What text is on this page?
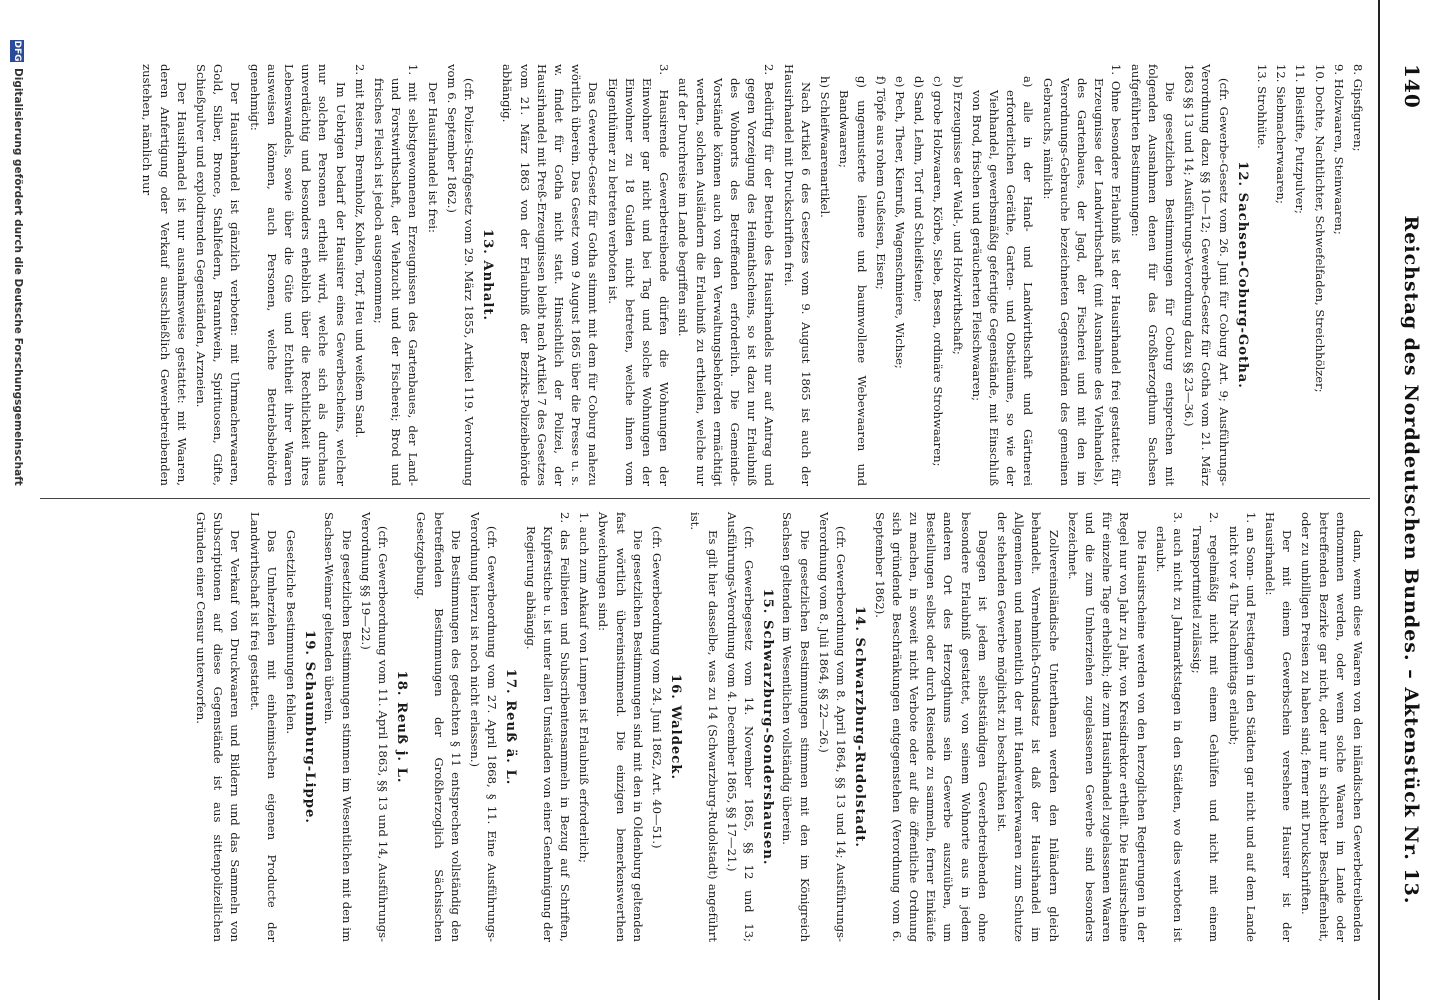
140
Reichstag des Norddeutschen Bundes. – Aktenstück Nr. 13.

8. Gipsfiguren;

9. Holzwaaren, Steinwaaren;

10. Dochte, Nachtlichter, Schwefelfaden, Streichhölzer;

11. Bleistifte, Putzpulver;

12. Siebmacherwaaren;

13. Strohhüte.

12. Sachsen-Coburg-Gotha.

(cfr. Gewerbe-Gesetz vom 26. Juni für Coburg Art. 9; Ausführungs-Verordnung dazu §§ 10—12; Gewerbe-Gesetz für Gotha vom 21. März 1863 §§ 13 und 14; Ausführungs-Verordnung dazu §§ 23—36.)

Die gesetzlichen Bestimmungen für Coburg entsprechen mit folgenden Ausnahmen denen für das Großherzogthum Sachsen aufgeführten Bestimmungen:

1. Ohne besondere Erlaubniß ist der Hausirhandel frei gestattet: für Erzeugnisse der Landwirthschaft (mit Ausnahme des Viehhandels), des Gartenbaues, der Jagd, der Fischerei und mit den im Verordnungs-Gebrauche bezeichneten Gegenständen des gemeinen Gebrauchs, nämlich:

a) alle in der Hand- und Landwirthschaft und Gärtnerei erforderlichen Geräthe, Garten- und Obstbäume, so wie der Viehhandel, gewerbsmäßig gefertigte Gegenstände, mit Einschluß von Brod, frischen und geräucherten Fleischwaaren;

b) Erzeugnisse der Wald-, und Holzwirthschaft;

c) grobe Holzwaaren, Körbe, Siebe, Besen, ordinäre Strohwaaren;

d) Sand, Lehm, Torf und Schleifsteine;

e) Pech, Theer, Kienruß, Wagenschmiere, Wichse;

f) Töpfe aus rohem Gußeisen, Eisen;

g) ungemusterte leinene und baumwollene Webewaaren und Bandwaaren;

h) Schleifwaarenartikel.

Nach Artikel 6 des Gesetzes vom 9. August 1865 ist auch der Hausirhandel mit Druckschriften frei.

2. Bedürftig für der Betrieb des Hausirhandels nur auf Antrag und gegen Vorzeigung des Heimathscheins, so ist dazu nur Erlaubniß des Wohnorts des Betreffenden erforderlich. Die Gemeinde-Vorstände können auch von den Verwaltungsbehörden ermächtigt werden, solchen Ausländern die Erlaubniß zu ertheilen, welche nur auf der Durchreise im Lande begriffen sind.

3. Hausirende Gewerbetreibende dürfen die Wohnungen der Einwohner gar nicht und bei Tag und solche Wohnungen der Einwohner zu 18 Gulden nicht betreten, welche ihnen vom Eigenthümer zu betreten verboten ist.

Das Gewerbe-Gesetz für Gotha stimmt mit dem für Coburg nahezu wörtlich überein. Das Gesetz vom 9 August 1865 über die Presse u. s. w. findet für Gotha nicht statt. Hinsichtlich der Polizei, der Hausirhandel mit Preß-Erzeugnissen bleibt nach Artikel 7 des Gesetzes vom 21. März 1863 von der Erlaubniß der Bezirks-Polizeibehörde abhängig.

13. Anhalt.

(cfr. Polizei-Strafgesetz vom 29. März 1855, Artikel 119. Verordnung vom 6. September 1862.)

Der Hausirhandel ist frei:

1. mit selbstgewonnenen Erzeugnissen des Gartenbaues, der Land- und Forstwirthschaft, der Viehzucht und der Fischerei; Brod und frisches Fleisch ist jedoch ausgenommen;

2. mit Reisern, Brennholz, Kohlen, Torf, Heu und weißem Sand.

Im Uebrigen bedarf der Hausirer eines Gewerbescheins, welcher nur solchen Personen ertheilt wird, welche sich als durchaus unverdächtig und besonders erheblich über die Rechtlichkeit ihres Lebenswandels, sowie über die Güte und Echtheit ihrer Waaren ausweisen können, auch Personen, welche Betriebsbehörde genehmigt:

Der Hausirhandel ist gänzlich verboten: mit Uhrmacherwaaren, Gold, Silber, Bronce, Stahlfedern, Branntwein, Spirituosen, Gifte, Schießpulver und explodirenden Gegenständen, Arzneien.

Der Hausirhandel ist nur ausnahmsweise gestattet: mit Waaren, deren Anfertigung oder Verkauf ausschließlich Gewerbetreibenden zustehen, nämlich nur

dann, wenn diese Waaren von den inländischen Gewerbetreibenden entnommen werden, oder wenn solche Waaren im Lande oder betreffenden Bezirke gar nicht, oder nur in schlechter Beschaffenheit, oder zu unbilligen Preisen zu haben sind; ferner mit Druckschriften.

Der mit einem Gewerbschein versehene Hausirer ist der Hausirhandel:

1. an Sonn- und Festtagen in den Städten gar nicht und auf dem Lande nicht vor 4 Uhr Nachmittags erlaubt;

2. regelmäßig nicht mit einem Gehülfen und nicht mit einem Transportmittel zulässig;

3. auch nicht zu Jahrmarktstagen in den Städten, wo dies verboten ist erlaubt.

Die Hausirscheine werden von den herzoglichen Regierungen in der Regel nur von Jahr zu Jahr, von Kreisdirektor ertheilt. Die Hausirscheine für einzelne Tage erheblich; die zum Hausirhandel zugelassenen Waaren und die zum Umherziehen zugelassenen Gewerbe sind besonders bezeichnet.

Zollvereinsländische Unterthanen werden den Inländern gleich behandelt. Vernehmlich-Grundsatz ist daß der Hausirhandel im Allgemeinen und namentlich der mit Handwerkerwaaren zum Schutze der stehenden Gewerbe möglichst zu beschränken ist.

Dagegen ist jedem selbstständigen Gewerbetreibenden ohne besondere Erlaubniß gestattet, von seinem Wohnorte aus in jedem anderen Ort des Herzogthums sein Gewerbe auszuüben, um Bestellungen selbst oder durch Reisende zu sammeln, ferner Einkäufe zu machen, in soweit nicht Verbote oder auf die öffentliche Ordnung sich gründende Beschränkungen entgegenstehen (Verordnung vom 6. September 1862).

14. Schwarzburg-Rudolstadt.

(cfr. Gewerbeordnung vom 8. April 1864, §§ 13 und 14; Ausführungs-Verordnung vom 8. Juli 1864, §§ 22—26.)

Die gesetzlichen Bestimmungen stimmen mit den im Königreich Sachsen geltenden im Wesentlichen vollständig überein.

15. Schwarzburg-Sondershausen.

(cfr. Gewerbegesetz vom 14. November 1865, §§ 12 und 13; Ausführungs-Verordnung vom 4. December 1865, §§ 17—21.)

Es gilt hier dasselbe, was zu 14 (Schwarzburg-Rudolstadt) angeführt ist.

16. Waldeck.

(cfr. Gewerbeordnung vom 24. Juni 1862, Art. 40—51.)

Die gesetzlichen Bestimmungen sind mit den in Oldenburg geltenden fast wörtlich übereinstimmend. Die einzigen bemerkenswerthen Abweichungen sind:

1. auch zum Ankauf von Lumpen ist Erlaubniß erforderlich;

2. das Feilbieten und Subscribentensammeln in Bezug auf Schriften, Kupferstiche u. ist unter allen Umständen von einer Genehmigung der Regierung abhängig.

17. Reuß ä. L.

(cfr. Gewerbeordnung vom 27. April 1868, § 11. Eine Ausführungs-Verordnung hierzu ist noch nicht erlassen.)

Die Bestimmungen des gedachten § 11 entsprechen vollständig den betreffenden Bestimmungen der Großherzoglich Sächsischen Gesetzgebung.

18. Reuß j. L.

(cfr. Gewerbeordnung vom 11. April 1863, §§ 13 und 14, Ausführungs-Verordnung §§ 19—22.)

Die gesetzlichen Bestimmungen stimmen im Wesentlichen mit den im Sachsen-Weimar geltenden überein.

19. Schaumburg-Lippe.

Gesetzliche Bestimmungen fehlen.

Das Umherziehen mit einheimischen eigenen Producte der Landwirthschaft ist frei gestattet.

Der Verkauf von Druckwaaren und Bildern und das Sammeln von Subscriptionen auf diese Gegenstände ist aus sittenpolizeilichen Gründen einer Censur unterworfen.

DFG
Digitalisierung gefördert durch die Deutsche Forschungsgemeinschaft
